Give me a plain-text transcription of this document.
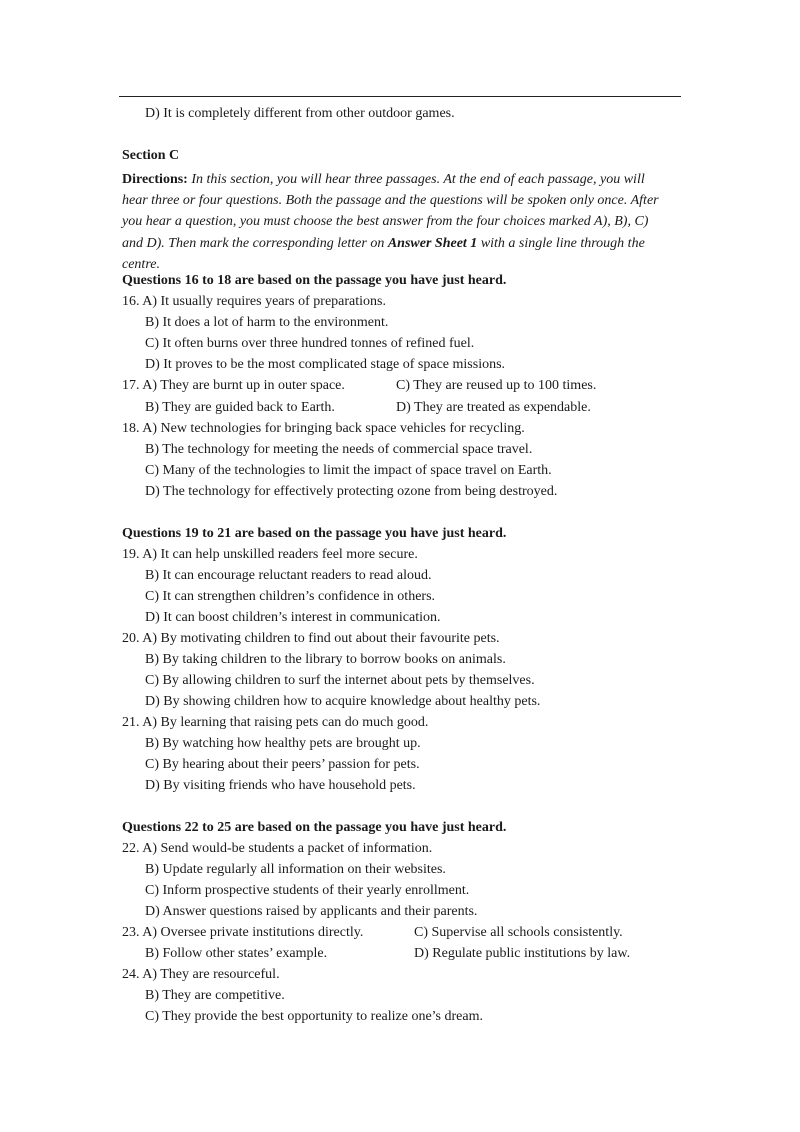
D) It is completely different from other outdoor games.
Section C
Directions: In this section, you will hear three passages. At the end of each passage, you will hear three or four questions. Both the passage and the questions will be spoken only once. After you hear a question, you must choose the best answer from the four choices marked A), B), C) and D). Then mark the corresponding letter on Answer Sheet 1 with a single line through the centre.
Questions 16 to 18 are based on the passage you have just heard.
16. A) It usually requires years of preparations.
B) It does a lot of harm to the environment.
C) It often burns over three hundred tonnes of refined fuel.
D) It proves to be the most complicated stage of space missions.
17. A) They are burnt up in outer space.	C) They are reused up to 100 times.
B) They are guided back to Earth.	D) They are treated as expendable.
18. A) New technologies for bringing back space vehicles for recycling.
B) The technology for meeting the needs of commercial space travel.
C) Many of the technologies to limit the impact of space travel on Earth.
D) The technology for effectively protecting ozone from being destroyed.
Questions 19 to 21 are based on the passage you have just heard.
19. A) It can help unskilled readers feel more secure.
B) It can encourage reluctant readers to read aloud.
C) It can strengthen children’s confidence in others.
D) It can boost children’s interest in communication.
20. A) By motivating children to find out about their favourite pets.
B) By taking children to the library to borrow books on animals.
C) By allowing children to surf the internet about pets by themselves.
D) By showing children how to acquire knowledge about healthy pets.
21. A) By learning that raising pets can do much good.
B) By watching how healthy pets are brought up.
C) By hearing about their peers’ passion for pets.
D) By visiting friends who have household pets.
Questions 22 to 25 are based on the passage you have just heard.
22. A) Send would-be students a packet of information.
B) Update regularly all information on their websites.
C) Inform prospective students of their yearly enrollment.
D) Answer questions raised by applicants and their parents.
23. A) Oversee private institutions directly.	C) Supervise all schools consistently.
B) Follow other states’ example.	D) Regulate public institutions by law.
24. A) They are resourceful.
B) They are competitive.
C) They provide the best opportunity to realize one’s dream.
